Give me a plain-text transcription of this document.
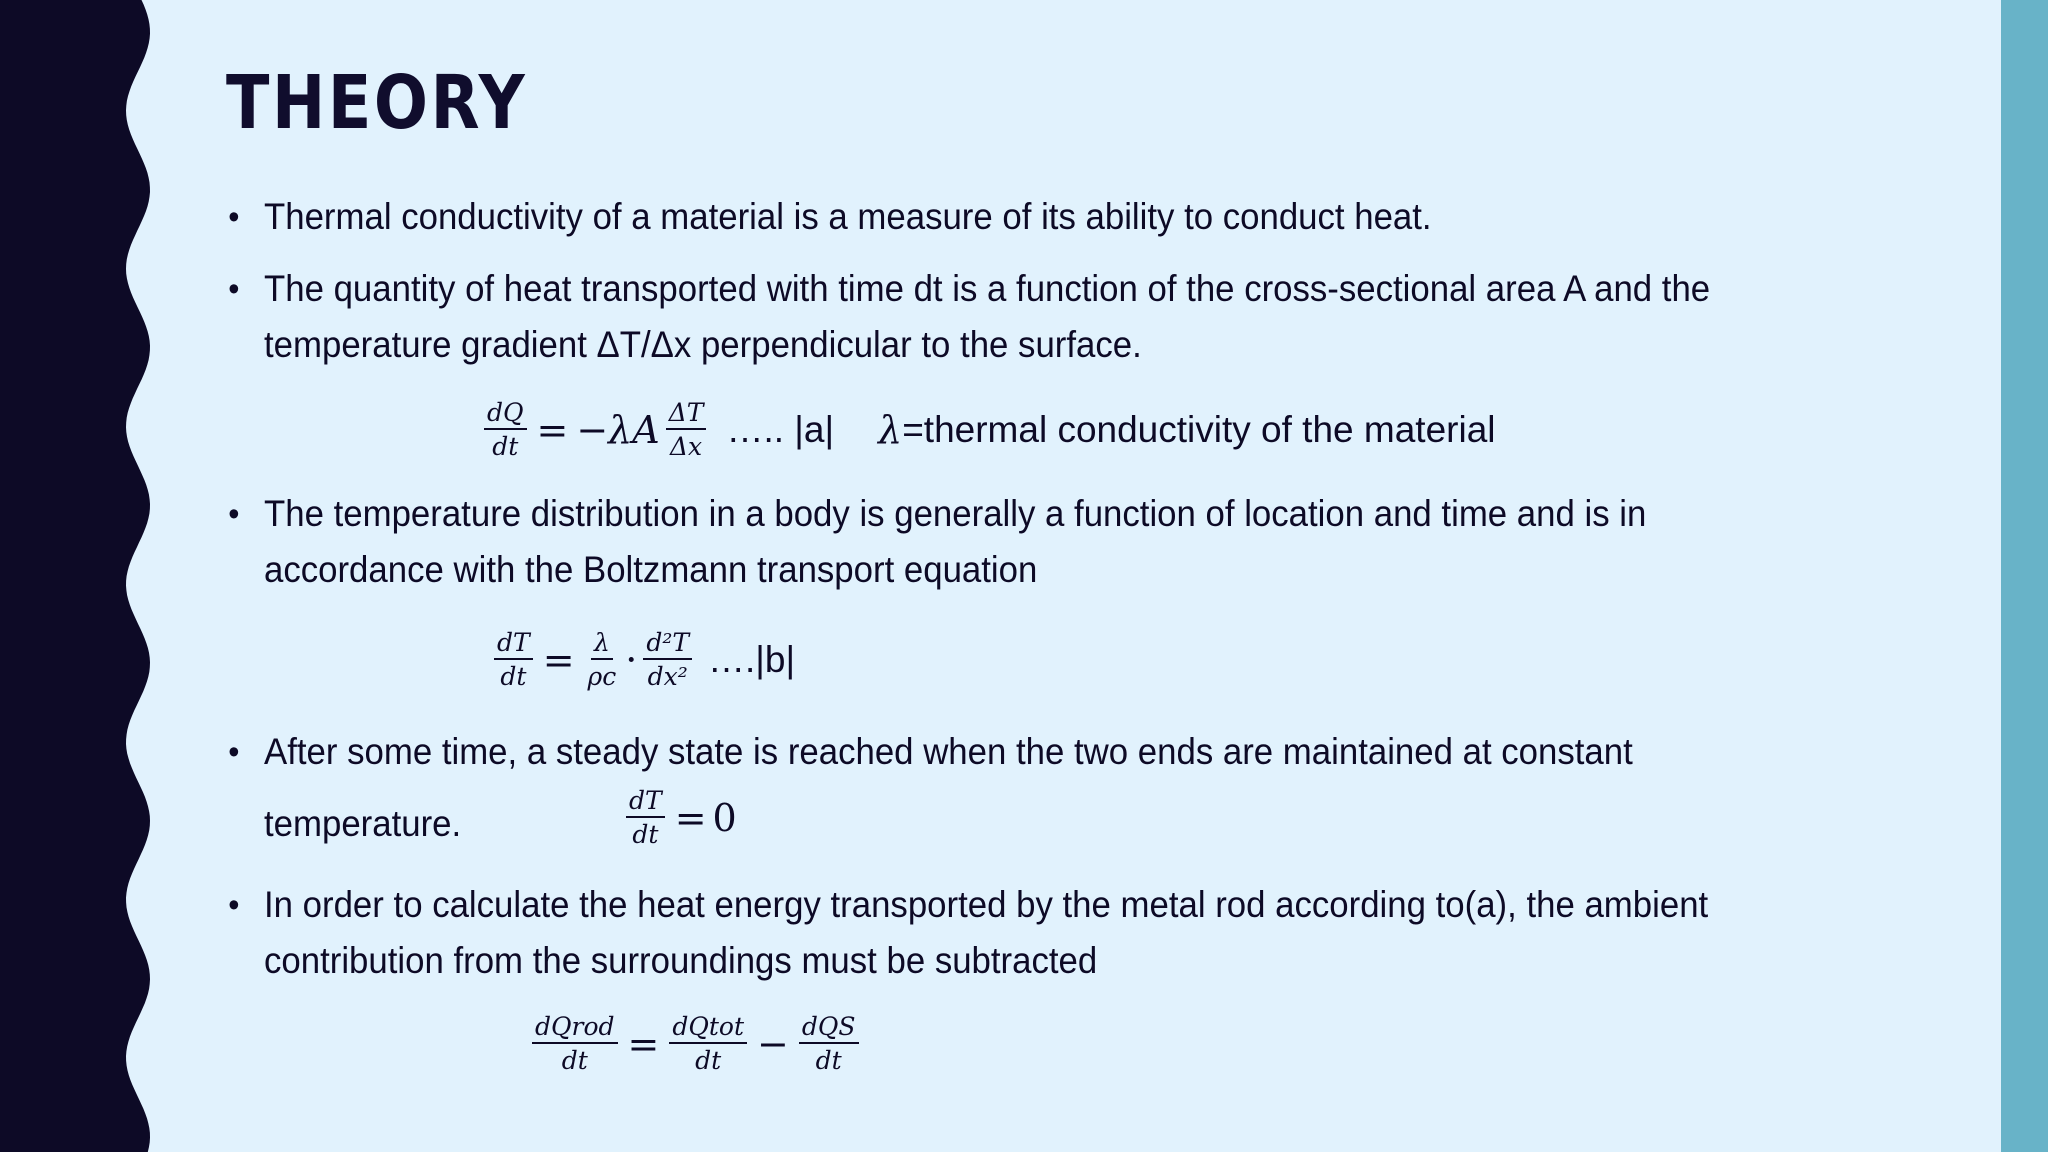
THEORY
• Thermal conductivity of a material is a measure of its ability to conduct heat.
• The quantity of heat transported with time dt is a function of the cross-sectional area A and the temperature gradient ΔT/Δx perpendicular to the surface.
$\frac{dQ}{dt} = -\lambda A \frac{\Delta T}{\Delta x}$ ….. |a| λ =thermal conductivity of the material
• The temperature distribution in a body is generally a function of location and time and is in accordance with the Boltzmann transport equation
$\frac{dT}{dt} = \frac{\lambda}{\rho c} \cdot \frac{\text{d²T}}{\text{dx²}}$ ….|b|
• After some time, a steady state is reached when the two ends are maintained at constant
temperature.	$\frac{dT}{dt} = 0$
• In order to calculate the heat energy transported by the metal rod according to(a), the ambient contribution from the surroundings must be subtracted
$\frac{\text{dQrod}}{dt} = \frac{\text{dQtot}}{dt} - \frac{\text{dQS}}{dt}$
